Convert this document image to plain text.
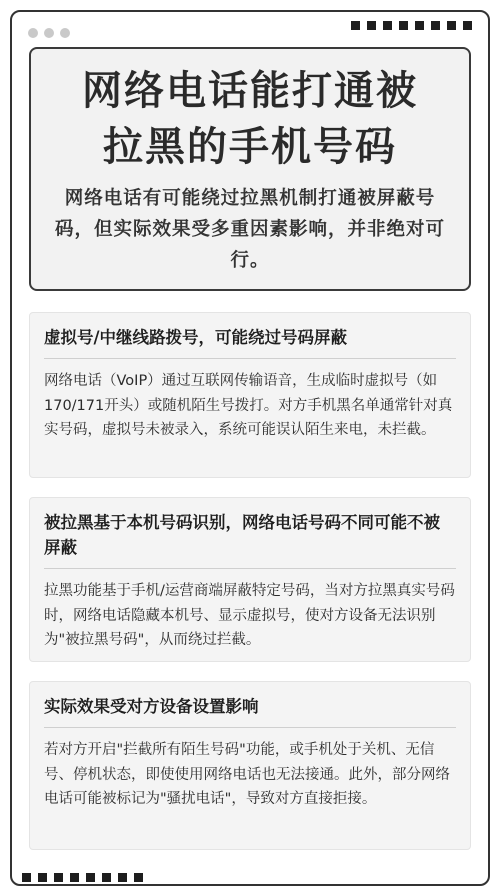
网络电话能打通被
拉黑的手机号码
网络电话有可能绕过拉黑机制打通被屏蔽号码，但实际效果受多重因素影响，并非绝对可行。
虚拟号/中继线路拨号，可能绕过号码屏蔽
网络电话（VoIP）通过互联网传输语音，生成临时虚拟号（如170/171开头）或随机陌生号拨打。对方手机黑名单通常针对真实号码，虚拟号未被录入，系统可能误认陌生来电，未拦截。
被拉黑基于本机号码识别，网络电话号码不同可能不被屏蔽
拉黑功能基于手机/运营商端屏蔽特定号码，当对方拉黑真实号码时，网络电话隐藏本机号、显示虚拟号，使对方设备无法识别为"被拉黑号码"，从而绕过拦截。
实际效果受对方设备设置影响
若对方开启"拦截所有陌生号码"功能，或手机处于关机、无信号、停机状态，即使使用网络电话也无法接通。此外，部分网络电话可能被标记为"骚扰电话"，导致对方直接拒接。
